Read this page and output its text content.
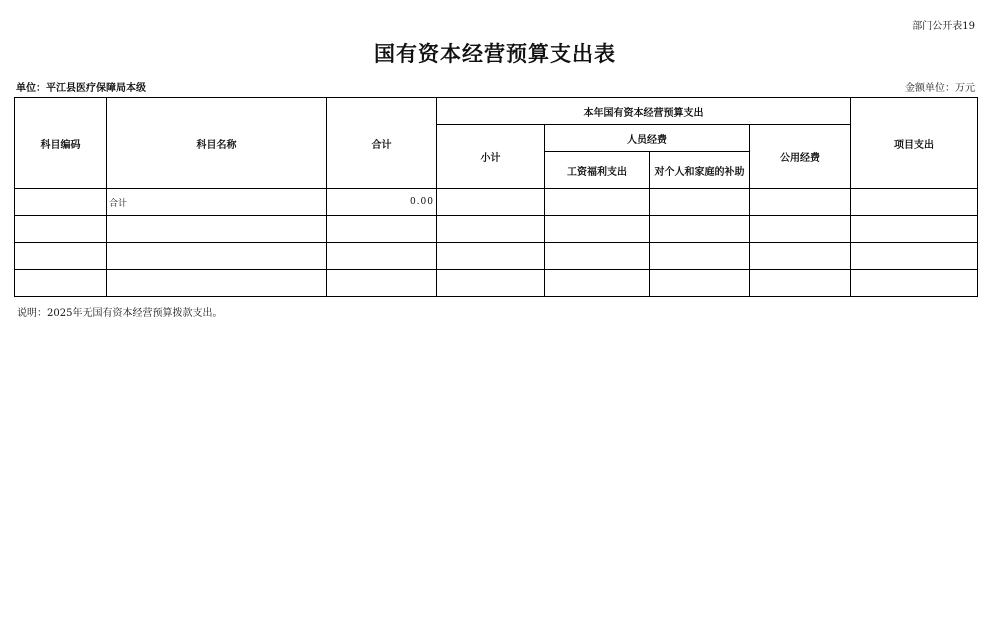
部门公开表19
国有资本经营预算支出表
单位：平江县医疗保障局本级	金额单位：万元
科目编码	科目名称	合计	本年国有资本经营预算支出				项目支出
			小计	人员经费		公用经费	
				工资福利支出	对个人和家庭的补助		
	合计	0.00					

说明：2025年无国有资本经营预算拨款支出。
